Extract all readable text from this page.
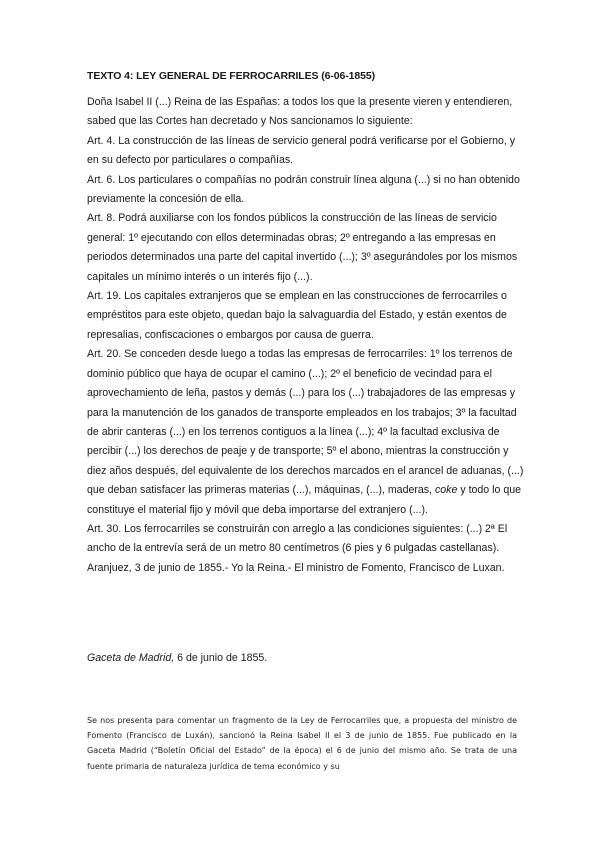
TEXTO 4: LEY GENERAL DE FERROCARRILES (6-06-1855)

Doña Isabel II (...) Reina de las Españas: a todos los que la presente vieren y entendieren, sabed que las Cortes han decretado y Nos sancionamos lo siguiente:

Art. 4. La construcción de las líneas de servicio general podrá verificarse por el Gobierno, y en su defecto por particulares o compañías.

Art. 6. Los particulares o compañías no podrán construir línea alguna (...) si no han obtenido previamente la concesión de ella.

Art. 8. Podrá auxiliarse con los fondos públicos la construcción de las líneas de servicio general: 1º ejecutando con ellos determinadas obras; 2º entregando a las empresas en periodos determinados una parte del capital invertido (...); 3º asegurándoles por los mismos capitales un mínimo interés o un interés fijo (...).

Art. 19. Los capitales extranjeros que se emplean en las construcciones de ferrocarriles o empréstitos para este objeto, quedan bajo la salvaguardia del Estado, y están exentos de represalias, confiscaciones o embargos por causa de guerra.

Art. 20. Se conceden desde luego a todas las empresas de ferrocarriles: 1º los terrenos de dominio público que haya de ocupar el camino (...); 2º el beneficio de vecindad para el aprovechamiento de leña, pastos y demás (...) para los (...) trabajadores de las empresas y para la manutención de los ganados de transporte empleados en los trabajos; 3º la facultad de abrir canteras (...) en los terrenos contiguos a la línea (...); 4º la facultad exclusiva de percibir (...) los derechos de peaje y de transporte; 5º el abono, mientras la construcción y diez años después, del equivalente de los derechos marcados en el arancel de aduanas, (...) que deban satisfacer las primeras materias (...), máquinas, (...), maderas, coke y todo lo que constituye el material fijo y móvil que deba importarse del extranjero (...).

Art. 30. Los ferrocarriles se construirán con arreglo a las condiciones siguientes: (...) 2ª El ancho de la entrevía será de un metro 80 centímetros (6 pies y 6 pulgadas castellanas).

Aranjuez, 3 de junio de 1855.- Yo la Reina.- El ministro de Fomento, Francisco de Luxan.

Gaceta de Madrid, 6 de junio de 1855.

Se nos presenta para comentar un fragmento de la Ley de Ferrocarriles que, a propuesta del ministro de Fomento (Francisco de Luxán), sancionó la Reina Isabel II el 3 de junio de 1855. Fue publicado en la Gaceta Madrid (“Boletín Oficial del Estado” de la época) el 6 de junio del mismo año. Se trata de una fuente primaria de naturaleza jurídica de tema económico y su
